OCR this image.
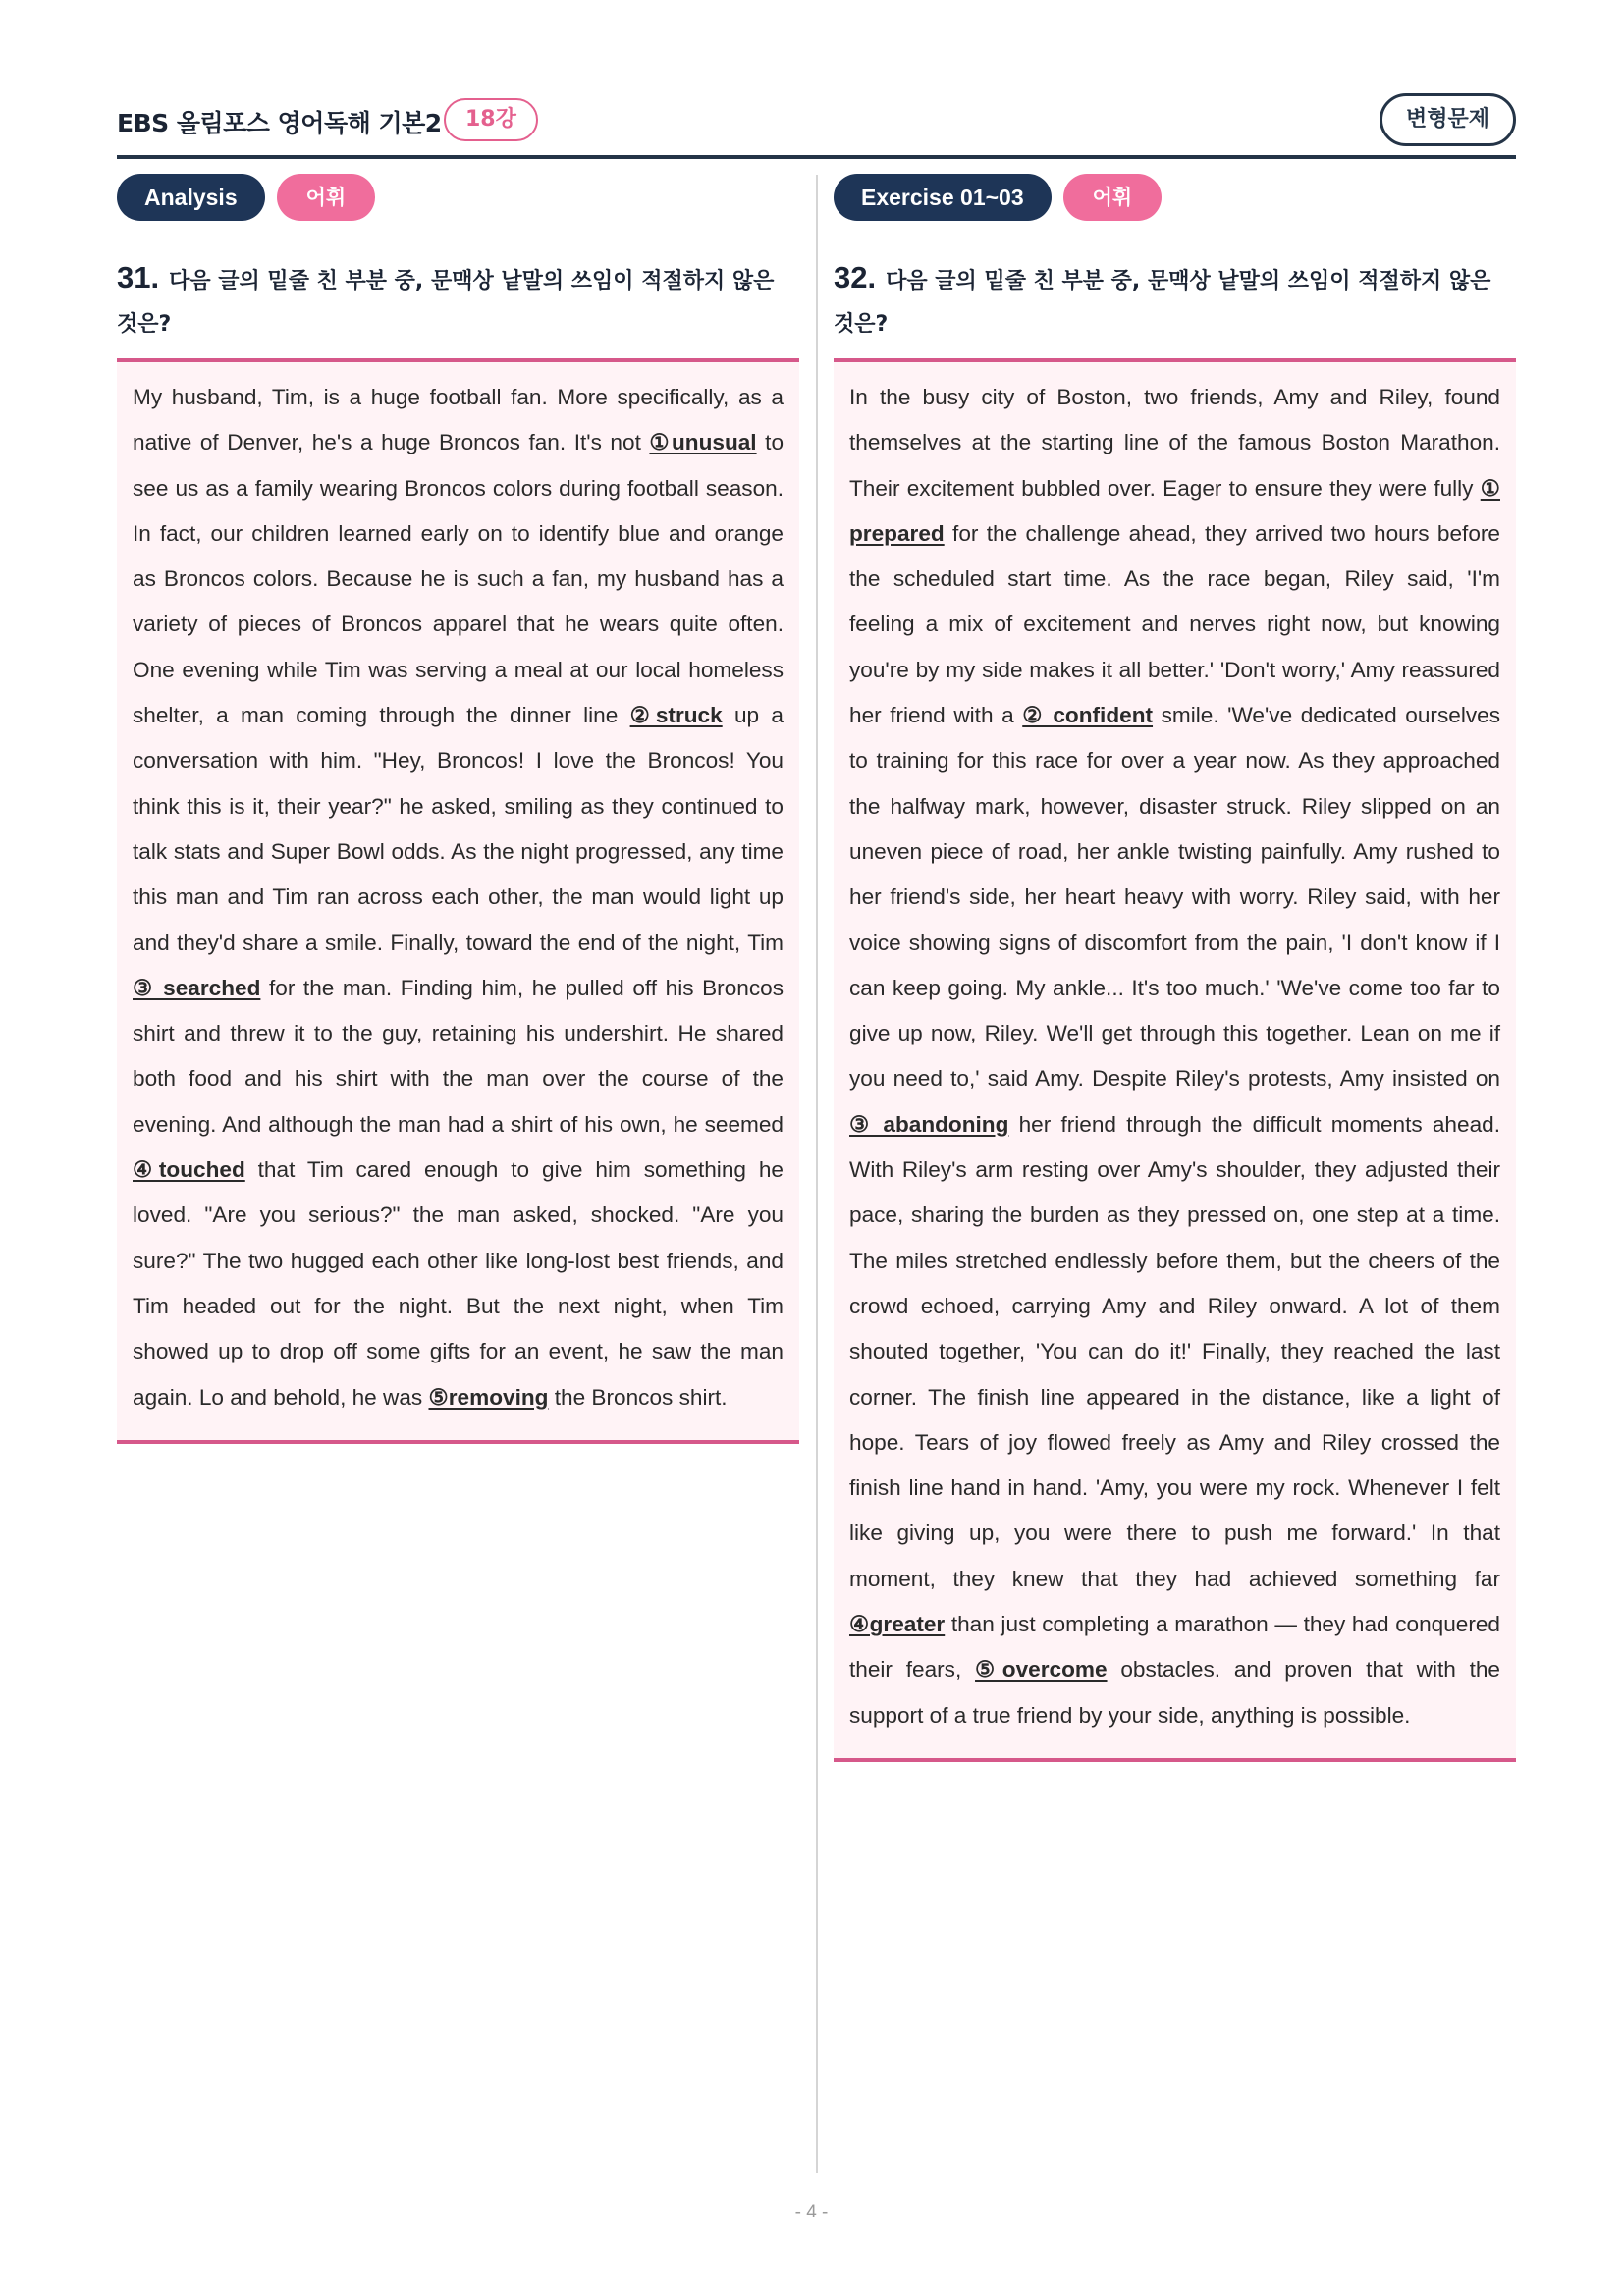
EBS 올림포스 영어독해 기본2	18강	변형문제
Analysis	어휘
31. 다음 글의 밑줄 친 부분 중, 문맥상 낱말의 쓰임이 적절하지 않은 것은?
My husband, Tim, is a huge football fan. More specifically, as a native of Denver, he's a huge Broncos fan. It's not ①unusual to see us as a family wearing Broncos colors during football season. In fact, our children learned early on to identify blue and orange as Broncos colors. Because he is such a fan, my husband has a variety of pieces of Broncos apparel that he wears quite often. One evening while Tim was serving a meal at our local homeless shelter, a man coming through the dinner line ②struck up a conversation with him. "Hey, Broncos! I love the Broncos! You think this is it, their year?" he asked, smiling as they continued to talk stats and Super Bowl odds. As the night progressed, any time this man and Tim ran across each other, the man would light up and they'd share a smile. Finally, toward the end of the night, Tim ③ searched for the man. Finding him, he pulled off his Broncos shirt and threw it to the guy, retaining his undershirt. He shared both food and his shirt with the man over the course of the evening. And although the man had a shirt of his own, he seemed ④touched that Tim cared enough to give him something he loved. "Are you serious?" the man asked, shocked. "Are you sure?" The two hugged each other like long-lost best friends, and Tim headed out for the night. But the next night, when Tim showed up to drop off some gifts for an event, he saw the man again. Lo and behold, he was ⑤removing the Broncos shirt.
Exercise 01~03	어휘
32. 다음 글의 밑줄 친 부분 중, 문맥상 낱말의 쓰임이 적절하지 않은 것은?
In the busy city of Boston, two friends, Amy and Riley, found themselves at the starting line of the famous Boston Marathon. Their excitement bubbled over. Eager to ensure they were fully ① prepared for the challenge ahead, they arrived two hours before the scheduled start time. As the race began, Riley said, 'I'm feeling a mix of excitement and nerves right now, but knowing you're by my side makes it all better.' 'Don't worry,' Amy reassured her friend with a ② confident smile. 'We've dedicated ourselves to training for this race for over a year now. As they approached the halfway mark, however, disaster struck. Riley slipped on an uneven piece of road, her ankle twisting painfully. Amy rushed to her friend's side, her heart heavy with worry. Riley said, with her voice showing signs of discomfort from the pain, 'I don't know if I can keep going. My ankle... It's too much.' 'We've come too far to give up now, Riley. We'll get through this together. Lean on me if you need to,' said Amy. Despite Riley's protests, Amy insisted on ③ abandoning her friend through the difficult moments ahead. With Riley's arm resting over Amy's shoulder, they adjusted their pace, sharing the burden as they pressed on, one step at a time. The miles stretched endlessly before them, but the cheers of the crowd echoed, carrying Amy and Riley onward. A lot of them shouted together, 'You can do it!' Finally, they reached the last corner. The finish line appeared in the distance, like a light of hope. Tears of joy flowed freely as Amy and Riley crossed the finish line hand in hand. 'Amy, you were my rock. Whenever I felt like giving up, you were there to push me forward.' In that moment, they knew that they had achieved something far ④greater than just completing a marathon — they had conquered their fears, ⑤overcome obstacles. and proven that with the support of a true friend by your side, anything is possible.
- 4 -
